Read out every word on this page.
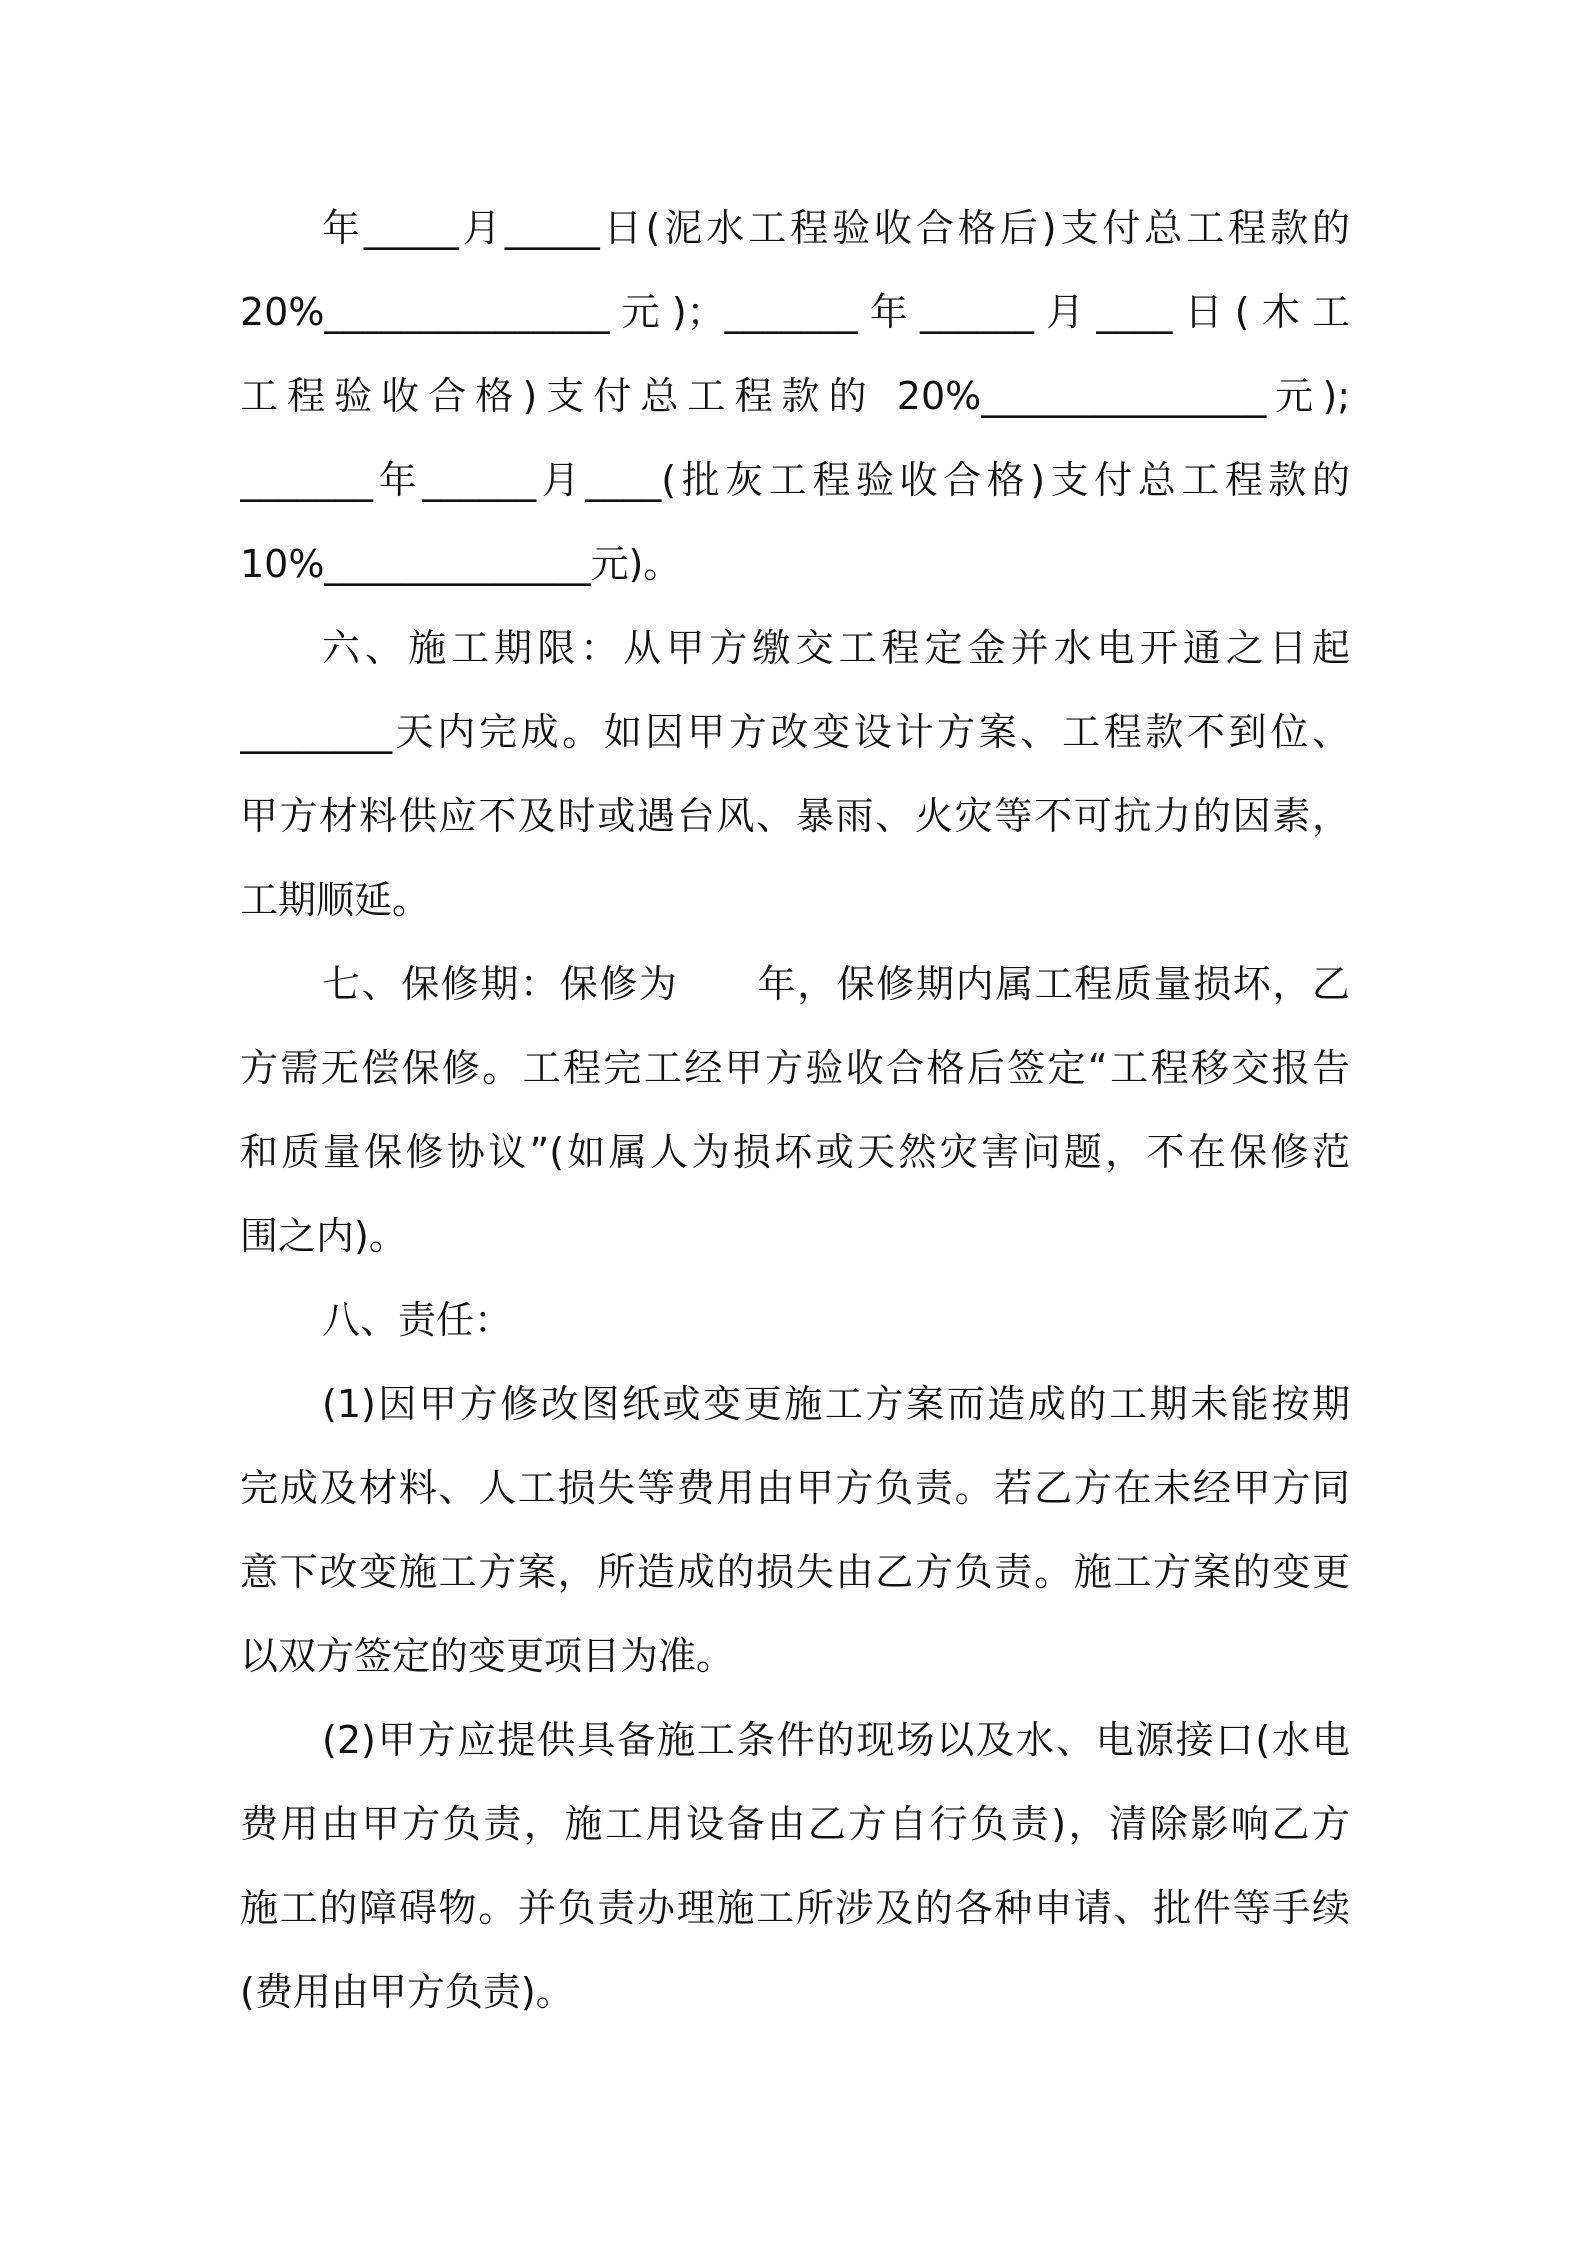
年_____月_____日(泥水工程验收合格后)支付总工程款的
20%_______________元)；_______年______月____日(木工
工程验收合格)支付总工程款的 20%_______________元);
_______年______月____(批灰工程验收合格)支付总工程款的
10%______________元)。
六、施工期限：从甲方缴交工程定金并水电开通之日起
________天内完成。如因甲方改变设计方案、工程款不到位、
甲方材料供应不及时或遇台风、暴雨、火灾等不可抗力的因素，
工期顺延。
七、保修期：保修为　　年，保修期内属工程质量损坏，乙
方需无偿保修。工程完工经甲方验收合格后签定“工程移交报告
和质量保修协议”(如属人为损坏或天然灾害问题，不在保修范
围之内)。
八、责任：
(1)因甲方修改图纸或变更施工方案而造成的工期未能按期
完成及材料、人工损失等费用由甲方负责。若乙方在未经甲方同
意下改变施工方案，所造成的损失由乙方负责。施工方案的变更
以双方签定的变更项目为准。
(2)甲方应提供具备施工条件的现场以及水、电源接口(水电
费用由甲方负责，施工用设备由乙方自行负责)，清除影响乙方
施工的障碍物。并负责办理施工所涉及的各种申请、批件等手续
(费用由甲方负责)。
